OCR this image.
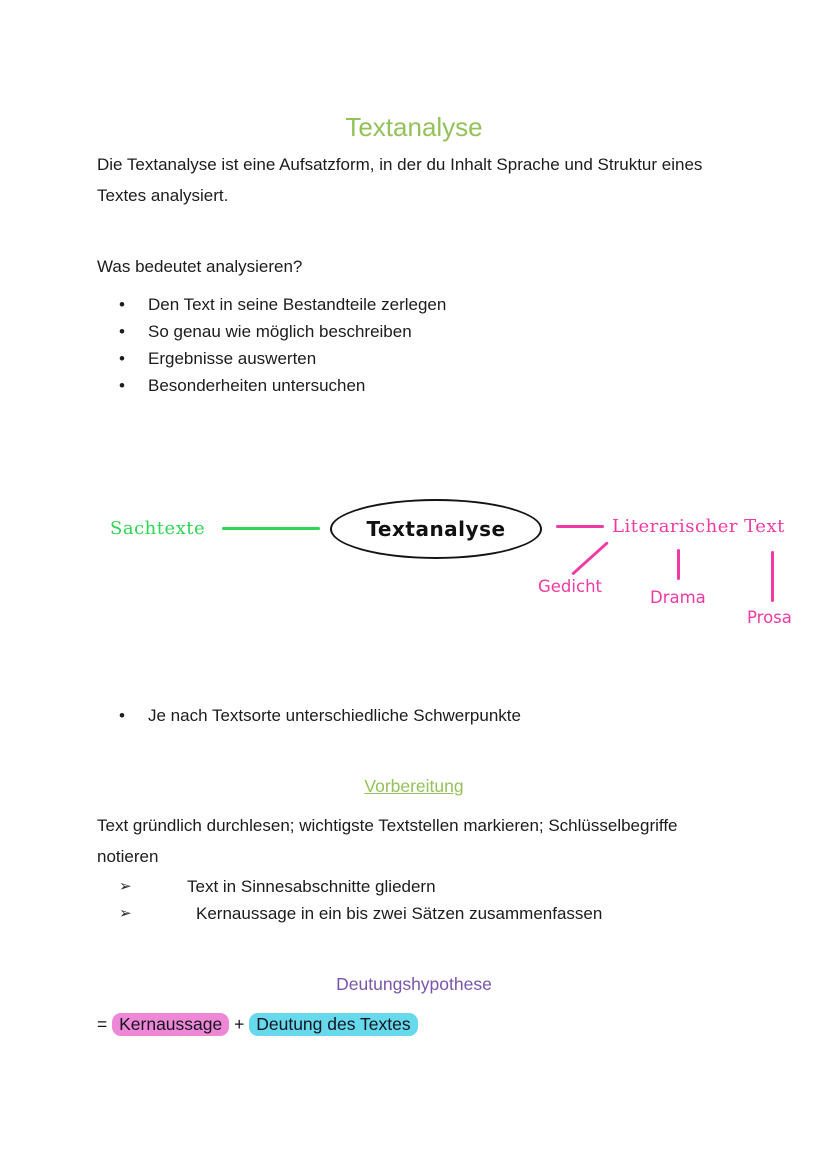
Textanalyse

Die Textanalyse ist eine Aufsatzform, in der du Inhalt Sprache und Struktur eines Textes analysiert.

Was bedeutet analysieren?

•	Den Text in seine Bestandteile zerlegen
•	So genau wie möglich beschreiben
•	Ergebnisse auswerten
•	Besonderheiten untersuchen
Sachtexte	Textanalyse	Literarischer Text
Gedicht
Drama
Prosa
•	Je nach Textsorte unterschiedliche Schwerpunkte
Vorbereitung

Text gründlich durchlesen; wichtigste Textstellen markieren; Schlüsselbegriffe notieren

➢	Text in Sinnesabschnitte gliedern
➢	Kernaussage in ein bis zwei Sätzen zusammenfassen
Deutungshypothese

= Kernaussage + Deutung des Textes
